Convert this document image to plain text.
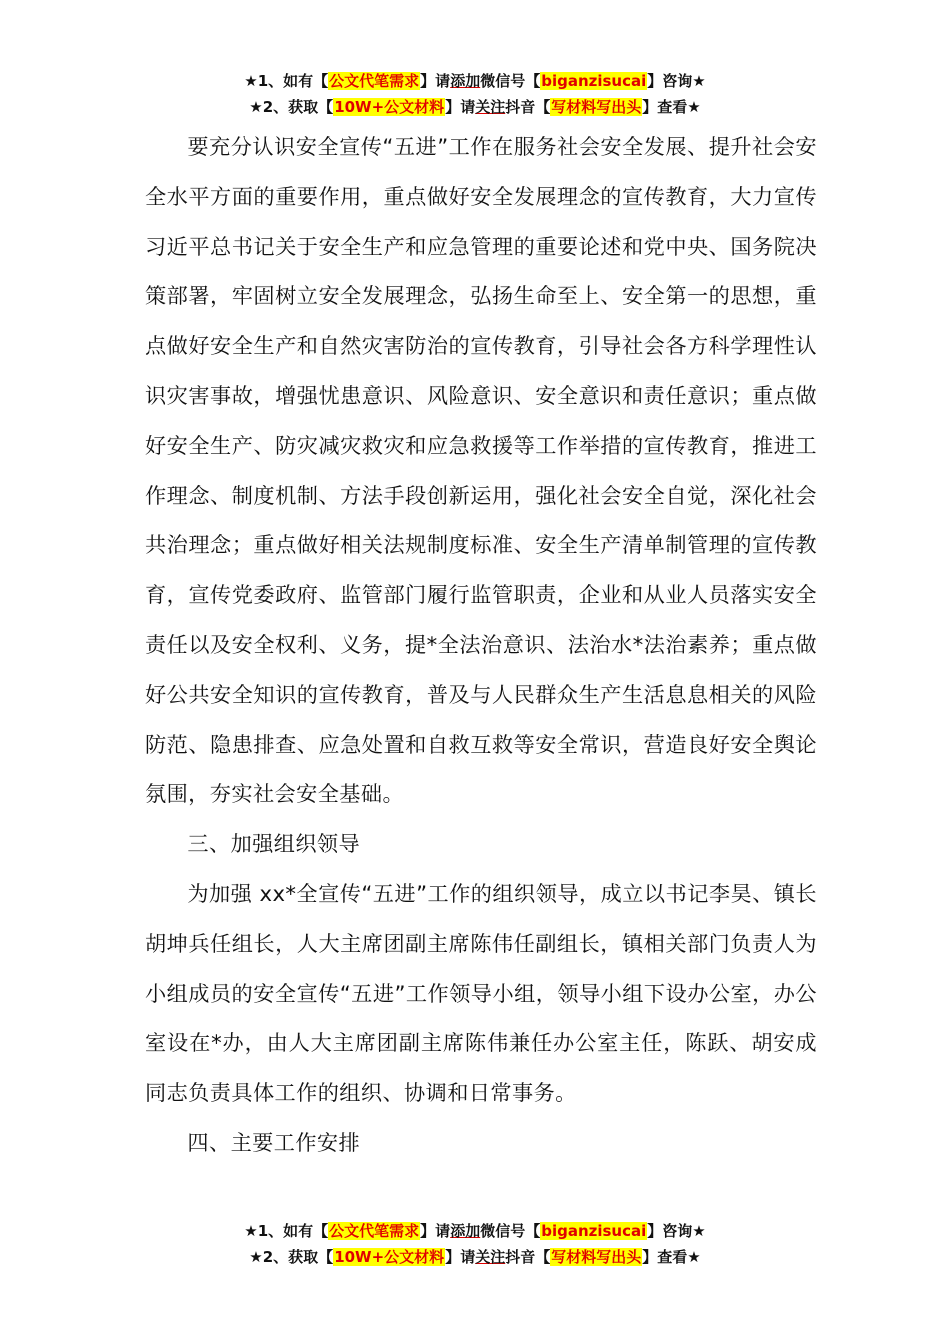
★1、如有【公文代笔需求】请添加微信号【biganzisucai】咨询★
★2、获取【10W+公文材料】请关注抖音【写材料写出头】查看★

要充分认识安全宣传“五进”工作在服务社会安全发展、提升社会安全水平方面的重要作用，重点做好安全发展理念的宣传教育，大力宣传习近平总书记关于安全生产和应急管理的重要论述和党中央、国务院决策部署，牢固树立安全发展理念，弘扬生命至上、安全第一的思想，重点做好安全生产和自然灾害防治的宣传教育，引导社会各方科学理性认识灾害事故，增强忧患意识、风险意识、安全意识和责任意识；重点做好安全生产、防灾减灾救灾和应急救援等工作举措的宣传教育，推进工作理念、制度机制、方法手段创新运用，强化社会安全自觉，深化社会共治理念；重点做好相关法规制度标准、安全生产清单制管理的宣传教育，宣传党委政府、监管部门履行监管职责，企业和从业人员落实安全责任以及安全权利、义务，提*全法治意识、法治水*法治素养；重点做好公共安全知识的宣传教育，普及与人民群众生产生活息息相关的风险防范、隐患排查、应急处置和自救互救等安全常识，营造良好安全舆论氛围，夯实社会安全基础。

三、加强组织领导

为加强 xx*全宣传“五进”工作的组织领导，成立以书记李昊、镇长胡坤兵任组长，人大主席团副主席陈伟任副组长，镇相关部门负责人为小组成员的安全宣传“五进”工作领导小组，领导小组下设办公室，办公室设在*办，由人大主席团副主席陈伟兼任办公室主任，陈跃、胡安成同志负责具体工作的组织、协调和日常事务。

四、主要工作安排

★1、如有【公文代笔需求】请添加微信号【biganzisucai】咨询★
★2、获取【10W+公文材料】请关注抖音【写材料写出头】查看★
